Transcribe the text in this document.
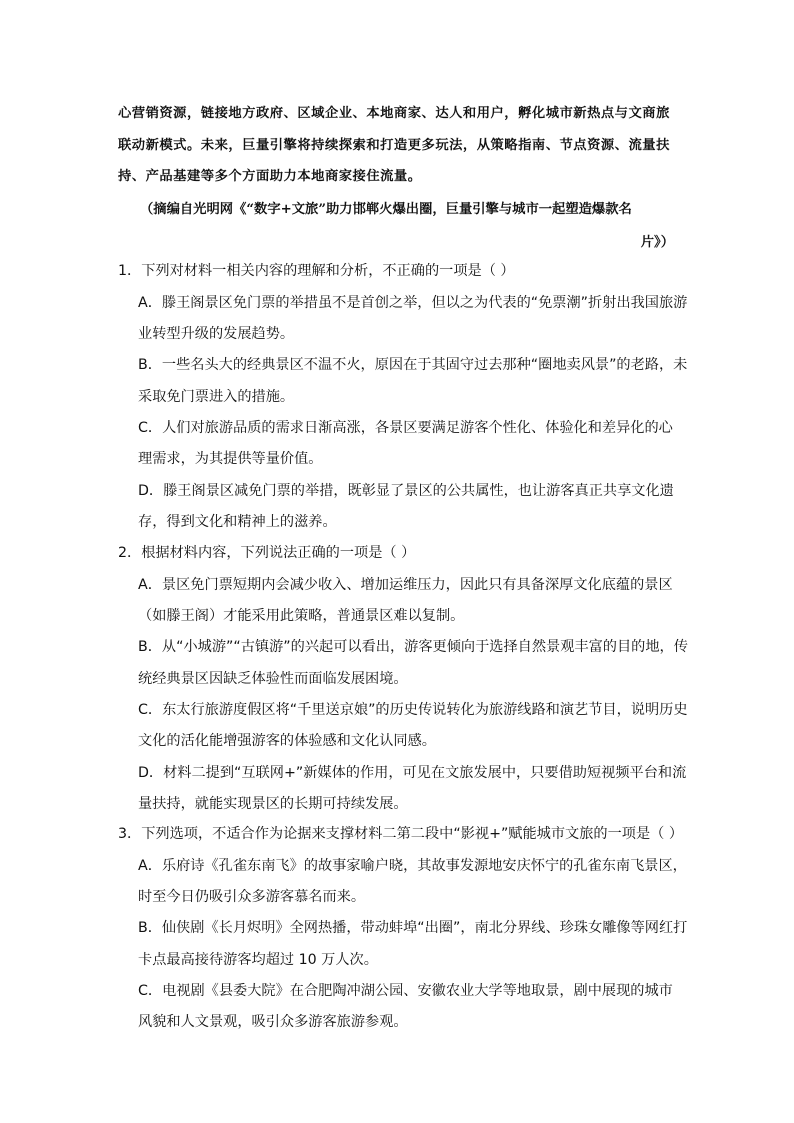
心营销资源，链接地方政府、区域企业、本地商家、达人和用户，孵化城市新热点与文商旅
联动新模式。未来，巨量引擎将持续探索和打造更多玩法，从策略指南、节点资源、流量扶
持、产品基建等多个方面助力本地商家接住流量。
（摘编自光明网《“数字+文旅”助力邯郸火爆出圈，巨量引擎与城市一起塑造爆款名
片》）
1．下列对材料一相关内容的理解和分析，不正确的一项是（ ）
A．滕王阁景区免门票的举措虽不是首创之举，但以之为代表的“免票潮”折射出我国旅游
业转型升级的发展趋势。
B．一些名头大的经典景区不温不火，原因在于其固守过去那种“圈地卖风景”的老路，未
采取免门票进入的措施。
C．人们对旅游品质的需求日渐高涨，各景区要满足游客个性化、体验化和差异化的心
理需求，为其提供等量价值。
D．滕王阁景区减免门票的举措，既彰显了景区的公共属性，也让游客真正共享文化遗
存，得到文化和精神上的滋养。
2．根据材料内容，下列说法正确的一项是（ ）
A．景区免门票短期内会减少收入、增加运维压力，因此只有具备深厚文化底蕴的景区
（如滕王阁）才能采用此策略，普通景区难以复制。
B．从“小城游”“古镇游”的兴起可以看出，游客更倾向于选择自然景观丰富的目的地，传
统经典景区因缺乏体验性而面临发展困境。
C．东太行旅游度假区将“千里送京娘”的历史传说转化为旅游线路和演艺节目，说明历史
文化的活化能增强游客的体验感和文化认同感。
D．材料二提到“互联网+”新媒体的作用，可见在文旅发展中，只要借助短视频平台和流
量扶持，就能实现景区的长期可持续发展。
3．下列选项，不适合作为论据来支撑材料二第二段中“影视+”赋能城市文旅的一项是（ ）
A．乐府诗《孔雀东南飞》的故事家喻户晓，其故事发源地安庆怀宁的孔雀东南飞景区，
时至今日仍吸引众多游客慕名而来。
B．仙侠剧《长月烬明》全网热播，带动蚌埠“出圈”，南北分界线、珍珠女雕像等网红打
卡点最高接待游客均超过 10 万人次。
C．电视剧《县委大院》在合肥陶冲湖公园、安徽农业大学等地取景，剧中展现的城市
风貌和人文景观，吸引众多游客旅游参观。
